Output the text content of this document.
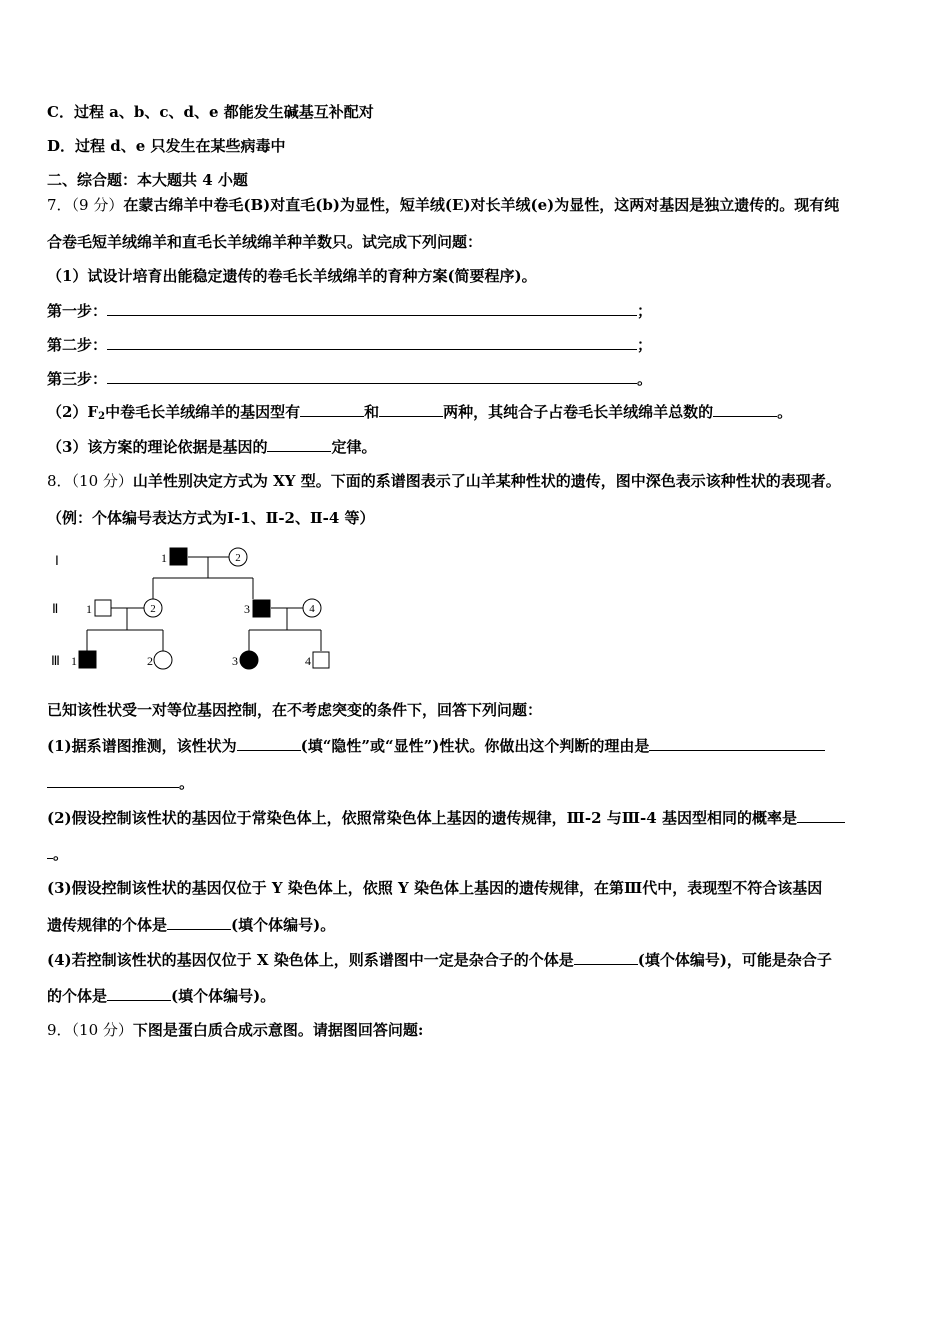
C．过程 a、b、c、d、e 都能发生碱基互补配对
D．过程 d、e 只发生在某些病毒中
二、综合题：本大题共 4 小题
7．（9 分）在蒙古绵羊中卷毛(B)对直毛(b)为显性，短羊绒(E)对长羊绒(e)为显性，这两对基因是独立遗传的。现有纯
合卷毛短羊绒绵羊和直毛长羊绒绵羊种羊数只。试完成下列问题：
（1）试设计培育出能稳定遗传的卷毛长羊绒绵羊的育种方案(简要程序)。
第一步：	；
第二步：	；
第三步：	。
$(2)F_2$中卷毛长羊绒绵羊的基因型有	和	两种，其纯合子占卷毛长羊绒绵羊总数的	。
（3）该方案的理论依据是基因的	定律。
8．（10 分）山羊性别决定方式为 XY 型。下面的系谱图表示了山羊某种性状的遗传，图中深色表示该种性状的表现者。
（例：个体编号表达方式为Ⅰ-1、Ⅱ-2、Ⅱ-4 等）
Ⅰ
Ⅱ
Ⅲ
1	2
1	2	3	4
1	2	3	4
已知该性状受一对等位基因控制，在不考虑突变的条件下，回答下列问题：
(1)据系谱图推测，该性状为	(填“隐性”或“显性”)性状。你做出这个判断的理由是
。
(2)假设控制该性状的基因位于常染色体上，依照常染色体上基因的遗传规律，Ⅲ-2 与Ⅲ-4 基因型相同的概率是
。
(3)假设控制该性状的基因仅位于 Y 染色体上，依照 Y 染色体上基因的遗传规律，在第Ⅲ代中，表现型不符合该基因
遗传规律的个体是	(填个体编号)。
(4)若控制该性状的基因仅位于 X 染色体上，则系谱图中一定是杂合子的个体是	(填个体编号)，可能是杂合子
的个体是	(填个体编号)。
9．（10 分）下图是蛋白质合成示意图。请据图回答问题:
